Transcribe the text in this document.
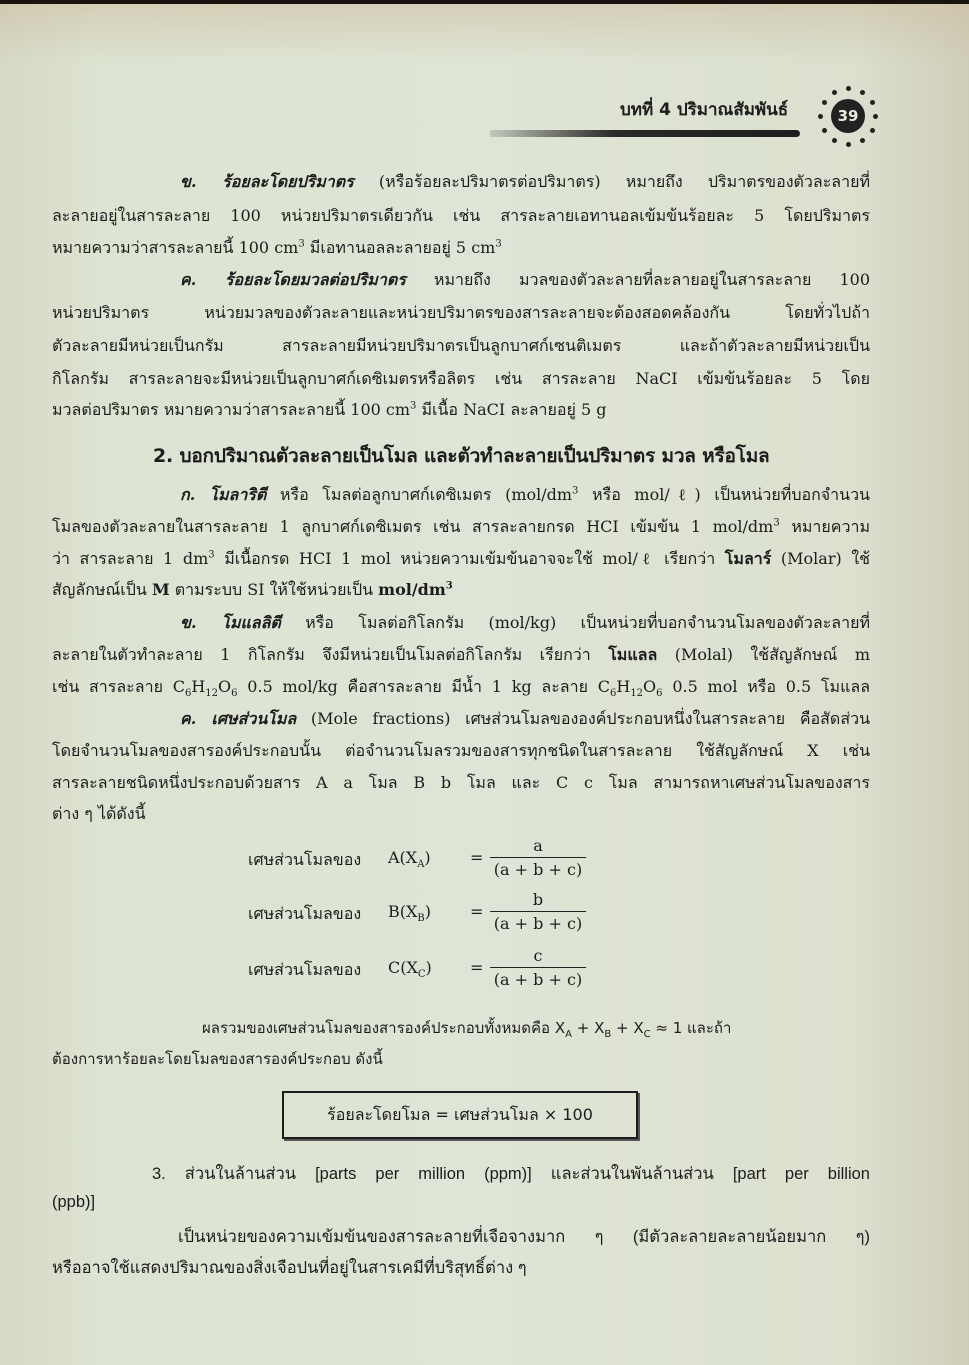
บทที่ 4 ปริมาณสัมพันธ์	39
ข. ร้อยละโดยปริมาตร (หรือร้อยละปริมาตรต่อปริมาตร) หมายถึง ปริมาตรของตัวละลายที่
ละลายอยู่ในสารละลาย 100 หน่วยปริมาตรเดียวกัน เช่น สารละลายเอทานอลเข้มข้นร้อยละ 5 โดยปริมาตร
หมายความว่าสารละลายนี้ 100 $cm^3$ มีเอทานอลละลายอยู่ 5 $cm^3$
ค. ร้อยละโดยมวลต่อปริมาตร หมายถึง มวลของตัวละลายที่ละลายอยู่ในสารละลาย 100
หน่วยปริมาตร หน่วยมวลของตัวละลายและหน่วยปริมาตรของสารละลายจะต้องสอดคล้องกัน โดยทั่วไปถ้า
ตัวละลายมีหน่วยเป็นกรัม สารละลายมีหน่วยปริมาตรเป็นลูกบาศก์เซนติเมตร และถ้าตัวละลายมีหน่วยเป็น
กิโลกรัม สารละลายจะมีหน่วยเป็นลูกบาศก์เดซิเมตรหรือลิตร เช่น สารละลาย NaCI เข้มข้นร้อยละ 5 โดย
มวลต่อปริมาตร หมายความว่าสารละลายนี้ 100 $cm^3$ มีเนื้อ NaCI ละลายอยู่ 5 g
2. บอกปริมาณตัวละลายเป็นโมล และตัวทำละลายเป็นปริมาตร มวล หรือโมล
ก. โมลาริตี หรือ โมลต่อลูกบาศก์เดซิเมตร ($mol/dm^3$ หรือ mol/ℓ) เป็นหน่วยที่บอกจำนวน
โมลของตัวละลายในสารละลาย 1 ลูกบาศก์เดซิเมตร เช่น สารละลายกรด HCI เข้มข้น 1 mol/$dm^3$ หมายความ
ว่า สารละลาย 1 $dm^3$ มีเนื้อกรด HCI 1 mol หน่วยความเข้มข้นอาจจะใช้ mol/ℓ เรียกว่า โมลาร์ (Molar) ใช้
สัญลักษณ์เป็น M ตามระบบ SI ให้ใช้หน่วยเป็น mol/$dm^3$
ข. โมแลลิตี หรือ โมลต่อกิโลกรัม (mol/kg) เป็นหน่วยที่บอกจำนวนโมลของตัวละลายที่
ละลายในตัวทำละลาย 1 กิโลกรัม จึงมีหน่วยเป็นโมลต่อกิโลกรัม เรียกว่า โมแลล (Molal) ใช้สัญลักษณ์ m
เช่น สารละลาย $C_6H_{12}O_6$ 0.5 mol/kg คือสารละลาย มีน้ำ 1 kg ละลาย $C_6H_{12}O_6$ 0.5 mol หรือ 0.5 โมแลล
ค. เศษส่วนโมล (Mole fractions) เศษส่วนโมลขององค์ประกอบหนึ่งในสารละลาย คือสัดส่วน
โดยจำนวนโมลของสารองค์ประกอบนั้น ต่อจำนวนโมลรวมของสารทุกชนิดในสารละลาย ใช้สัญลักษณ์ X เช่น
สารละลายชนิดหนึ่งประกอบด้วยสาร A a โมล B b โมล และ C c โมล สามารถหาเศษส่วนโมลของสาร
ต่าง ๆ ได้ดังนี้
เศษส่วนโมลของ $A(X_A)$ =
a
(a + b + c)
เศษส่วนโมลของ $B(X_B)$ =
b
(a + b + c)
เศษส่วนโมลของ $C(X_C)$ =
c
(a + b + c)
ผลรวมของเศษส่วนโมลของสารองค์ประกอบทั้งหมดคือ $X_A + X_B + X_C \approx 1$ และถ้า
ต้องการหาร้อยละโดยโมลของสารองค์ประกอบ ดังนี้
ร้อยละโดยโมล = เศษส่วนโมล × 100
3. ส่วนในล้านส่วน [parts per million (ppm)] และส่วนในพันล้านส่วน [part per billion
(ppb)]
เป็นหน่วยของความเข้มข้นของสารละลายที่เจือจางมาก ๆ (มีตัวละลายละลายน้อยมาก ๆ)
หรืออาจใช้แสดงปริมาณของสิ่งเจือปนที่อยู่ในสารเคมีที่บริสุทธิ์ต่าง ๆ
